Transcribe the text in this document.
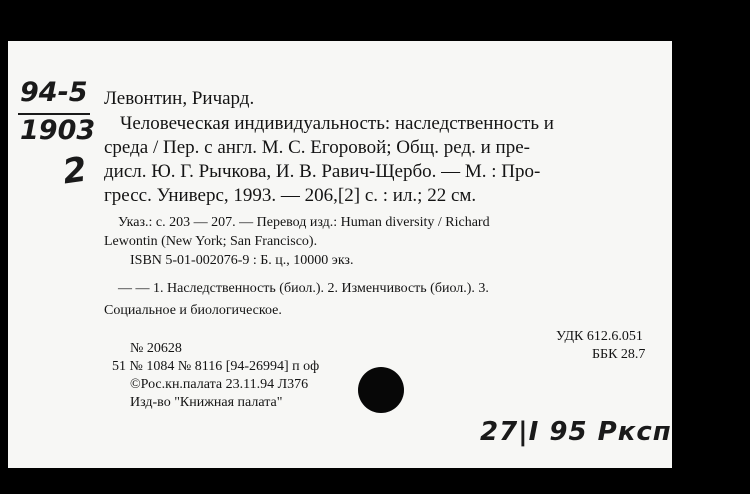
94-5
1903
2
Левонтин, Ричард.
Человеческая индивидуальность: наследственность и
среда / Пер. с англ. М. С. Егоровой; Общ. ред. и пре-
дисл. Ю. Г. Рычкова, И. В. Равич-Щербо. — М. : Про-
гресс. Универс, 1993. — 206,[2] с. : ил.; 22 см.
Указ.: с. 203 — 207. — Перевод изд.: Human diversity / Richard
Lewontin (New York; San Francisco).
ISBN 5-01-002076-9 : Б. ц., 10000 экз.
— — 1. Наследственность (биол.). 2. Изменчивость (биол.). 3.
Социальное и биологическое.
УДК 612.6.051
ББК 28.7
№ 20628
51 № 1084 № 8116 [94-26994] п оф
©Рос.кн.палата 23.11.94 Л376
Изд-во "Книжная палата"
27|I 95 Ркcп
